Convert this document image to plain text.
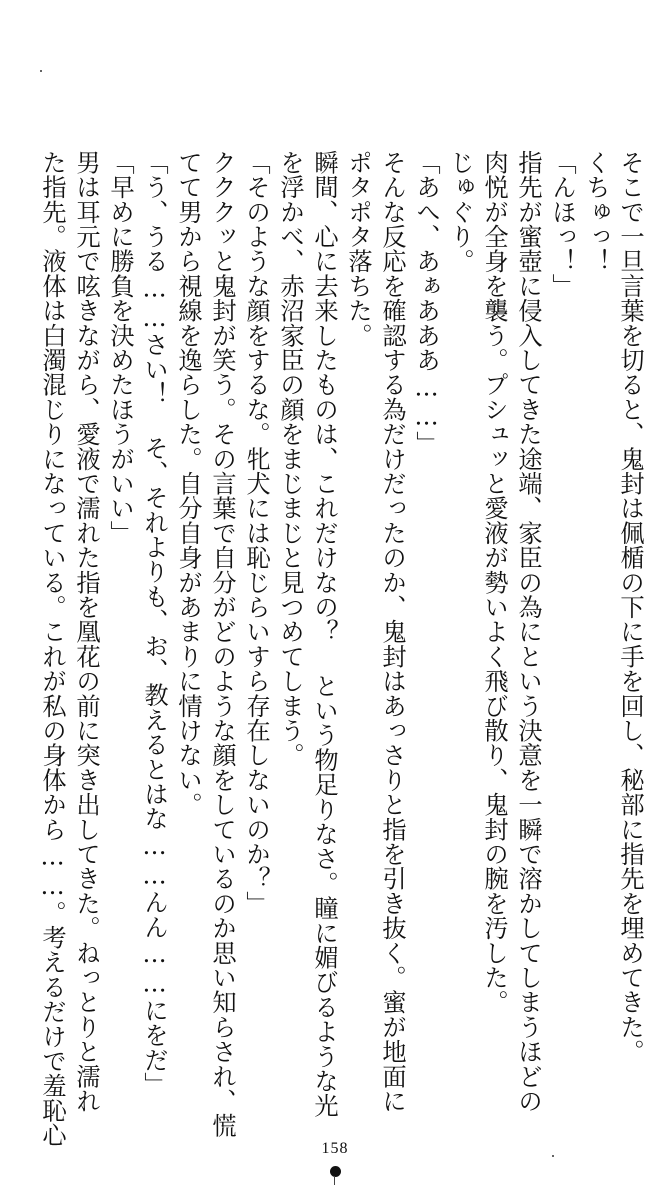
そこで一旦言葉を切ると、鬼封は佩楯の下に手を回し、秘部に指先を埋めてきた。
くちゅっ！
「んほっ！」
指先が蜜壺に侵入してきた途端、家臣の為にという決意を一瞬で溶かしてしまうほどの
肉悦が全身を襲う。プシュッと愛液が勢いよく飛び散り、鬼封の腕を汚した。
じゅぐり。
「あへ、あぁあああ……」
そんな反応を確認する為だけだったのか、鬼封はあっさりと指を引き抜く。蜜が地面に
ポタポタ落ちた。
瞬間、心に去来したものは、これだけなの？ という物足りなさ。瞳に媚びるような光
を浮かべ、赤沼家臣の顔をまじまじと見つめてしまう。
「そのような顔をするな。牝犬には恥じらいすら存在しないのか？」
クククッと鬼封が笑う。その言葉で自分がどのような顔をしているのか思い知らされ、慌
てて男から視線を逸らした。自分自身があまりに情けない。
「う、うる……さい！ そ、それよりも、お、教えるとはな……んん……にをだ」
「早めに勝負を決めたほうがいい」
男は耳元で呟きながら、愛液で濡れた指を凰花の前に突き出してきた。ねっとりと濡れ
た指先。液体は白濁混じりになっている。これが私の身体から……。考えるだけで羞恥心
158
